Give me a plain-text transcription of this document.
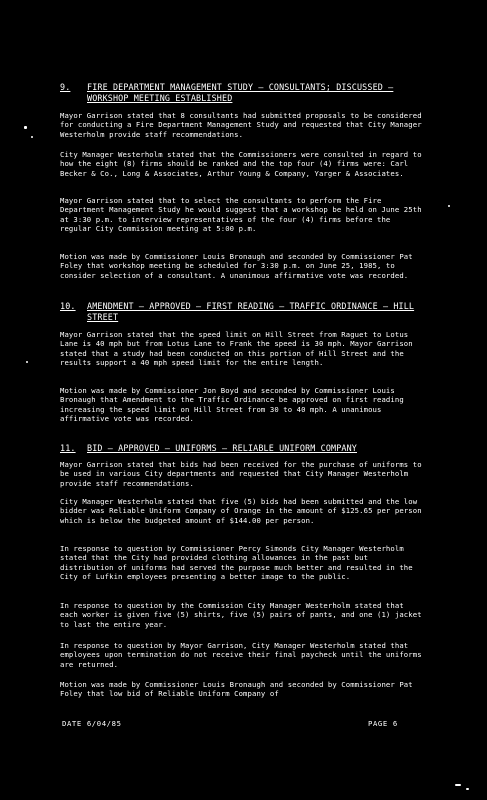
9.	FIRE DEPARTMENT MANAGEMENT STUDY – CONSULTANTS; DISCUSSED – WORKSHOP MEETING ESTABLISHED

Mayor Garrison stated that 8 consultants had submitted proposals to be considered for conducting a Fire Department Management Study and requested that City Manager Westerholm provide staff recommendations.

City Manager Westerholm stated that the Commissioners were consulted in regard to how the eight (8) firms should be ranked and the top four (4) firms were: Carl Becker & Co., Long & Associates, Arthur Young & Company, Yarger & Associates.

Mayor Garrison stated that to select the consultants to perform the Fire Department Management Study he would suggest that a workshop be held on June 25th at 3:30 p.m. to interview representatives of the four (4) firms before the regular City Commission meeting at 5:00 p.m.

Motion was made by Commissioner Louis Bronaugh and seconded by Commissioner Pat Foley that workshop meeting be scheduled for 3:30 p.m. on June 25, 1985, to consider selection of a consultant. A unanimous affirmative vote was recorded.

10.	AMENDMENT – APPROVED – FIRST READING – TRAFFIC ORDINANCE – HILL STREET

Mayor Garrison stated that the speed limit on Hill Street from Raguet to Lotus Lane is 40 mph but from Lotus Lane to Frank the speed is 30 mph. Mayor Garrison stated that a study had been conducted on this portion of Hill Street and the results support a 40 mph speed limit for the entire length.

Motion was made by Commissioner Jon Boyd and seconded by Commissioner Louis Bronaugh that Amendment to the Traffic Ordinance be approved on first reading increasing the speed limit on Hill Street from 30 to 40 mph. A unanimous affirmative vote was recorded.

11.	BID – APPROVED – UNIFORMS – RELIABLE UNIFORM COMPANY

Mayor Garrison stated that bids had been received for the purchase of uniforms to be used in various City departments and requested that City Manager Westerholm provide staff recommendations.

City Manager Westerholm stated that five (5) bids had been submitted and the low bidder was Reliable Uniform Company of Orange in the amount of $125.65 per person which is below the budgeted amount of $144.00 per person.

In response to question by Commissioner Percy Simonds City Manager Westerholm stated that the City had provided clothing allowances in the past but distribution of uniforms had served the purpose much better and resulted in the City of Lufkin employees presenting a better image to the public.

In response to question by the Commission City Manager Westerholm stated that each worker is given five (5) shirts, five (5) pairs of pants, and one (1) jacket to last the entire year.

In response to question by Mayor Garrison, City Manager Westerholm stated that employees upon termination do not receive their final paycheck until the uniforms are returned.

Motion was made by Commissioner Louis Bronaugh and seconded by Commissioner Pat Foley that low bid of Reliable Uniform Company of

DATE 6/04/85	PAGE 6
